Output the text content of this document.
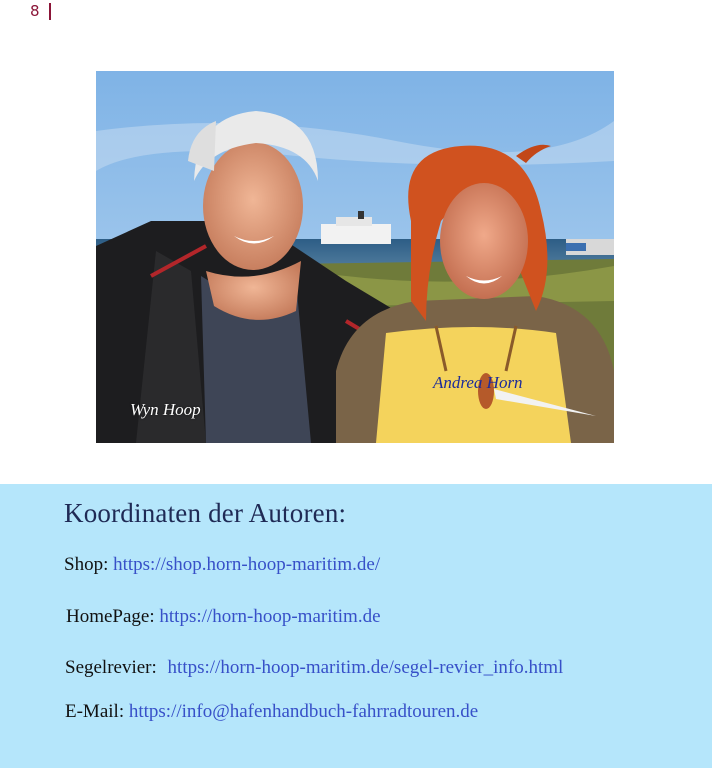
8
Wyn Hoop
Andrea Horn
Koordinaten der Autoren:
Shop: https://shop.horn-hoop-maritim.de/
HomePage: https://horn-hoop-maritim.de
Segelrevier: https://horn-hoop-maritim.de/segel-revier_info.html
E-Mail: https://info@hafenhandbuch-fahrradtouren.de
